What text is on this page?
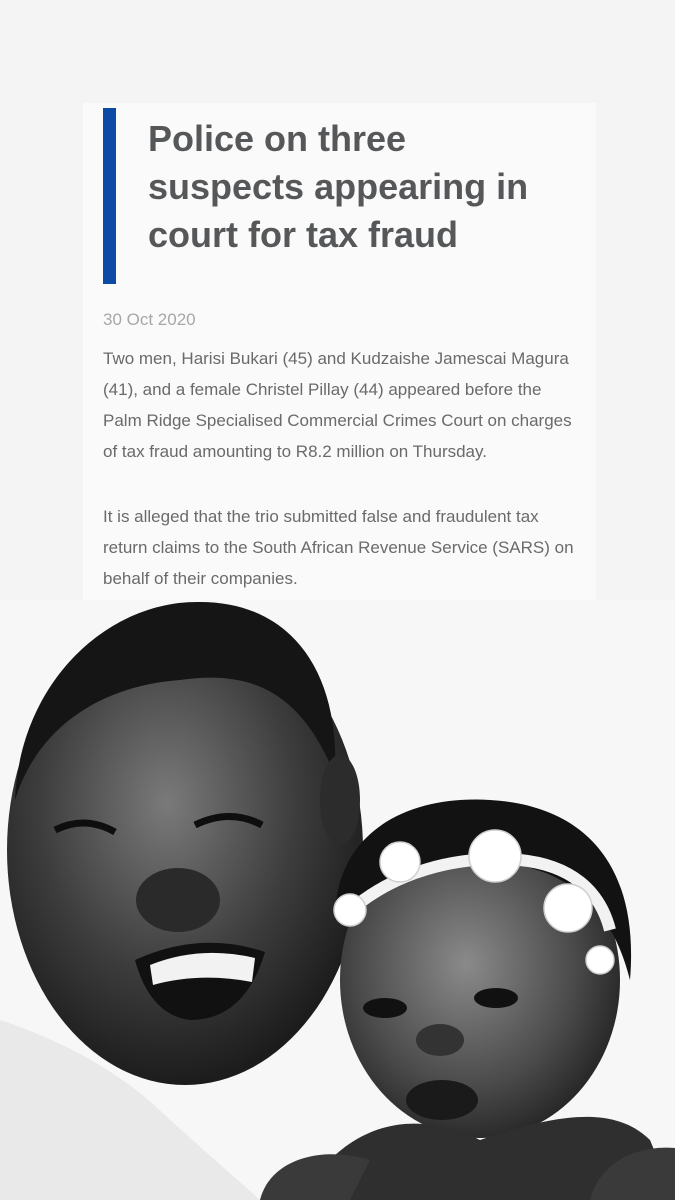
Police on three
suspects appearing in
court for tax fraud

30 Oct 2020

Two men, Harisi Bukari (45) and Kudzaishe Jamescai Magura
(41), and a female Christel Pillay (44) appeared before the
Palm Ridge Specialised Commercial Crimes Court on charges
of tax fraud amounting to R8.2 million on Thursday.

It is alleged that the trio submitted false and fraudulent tax
return claims to the South African Revenue Service (SARS) on
behalf of their companies.
